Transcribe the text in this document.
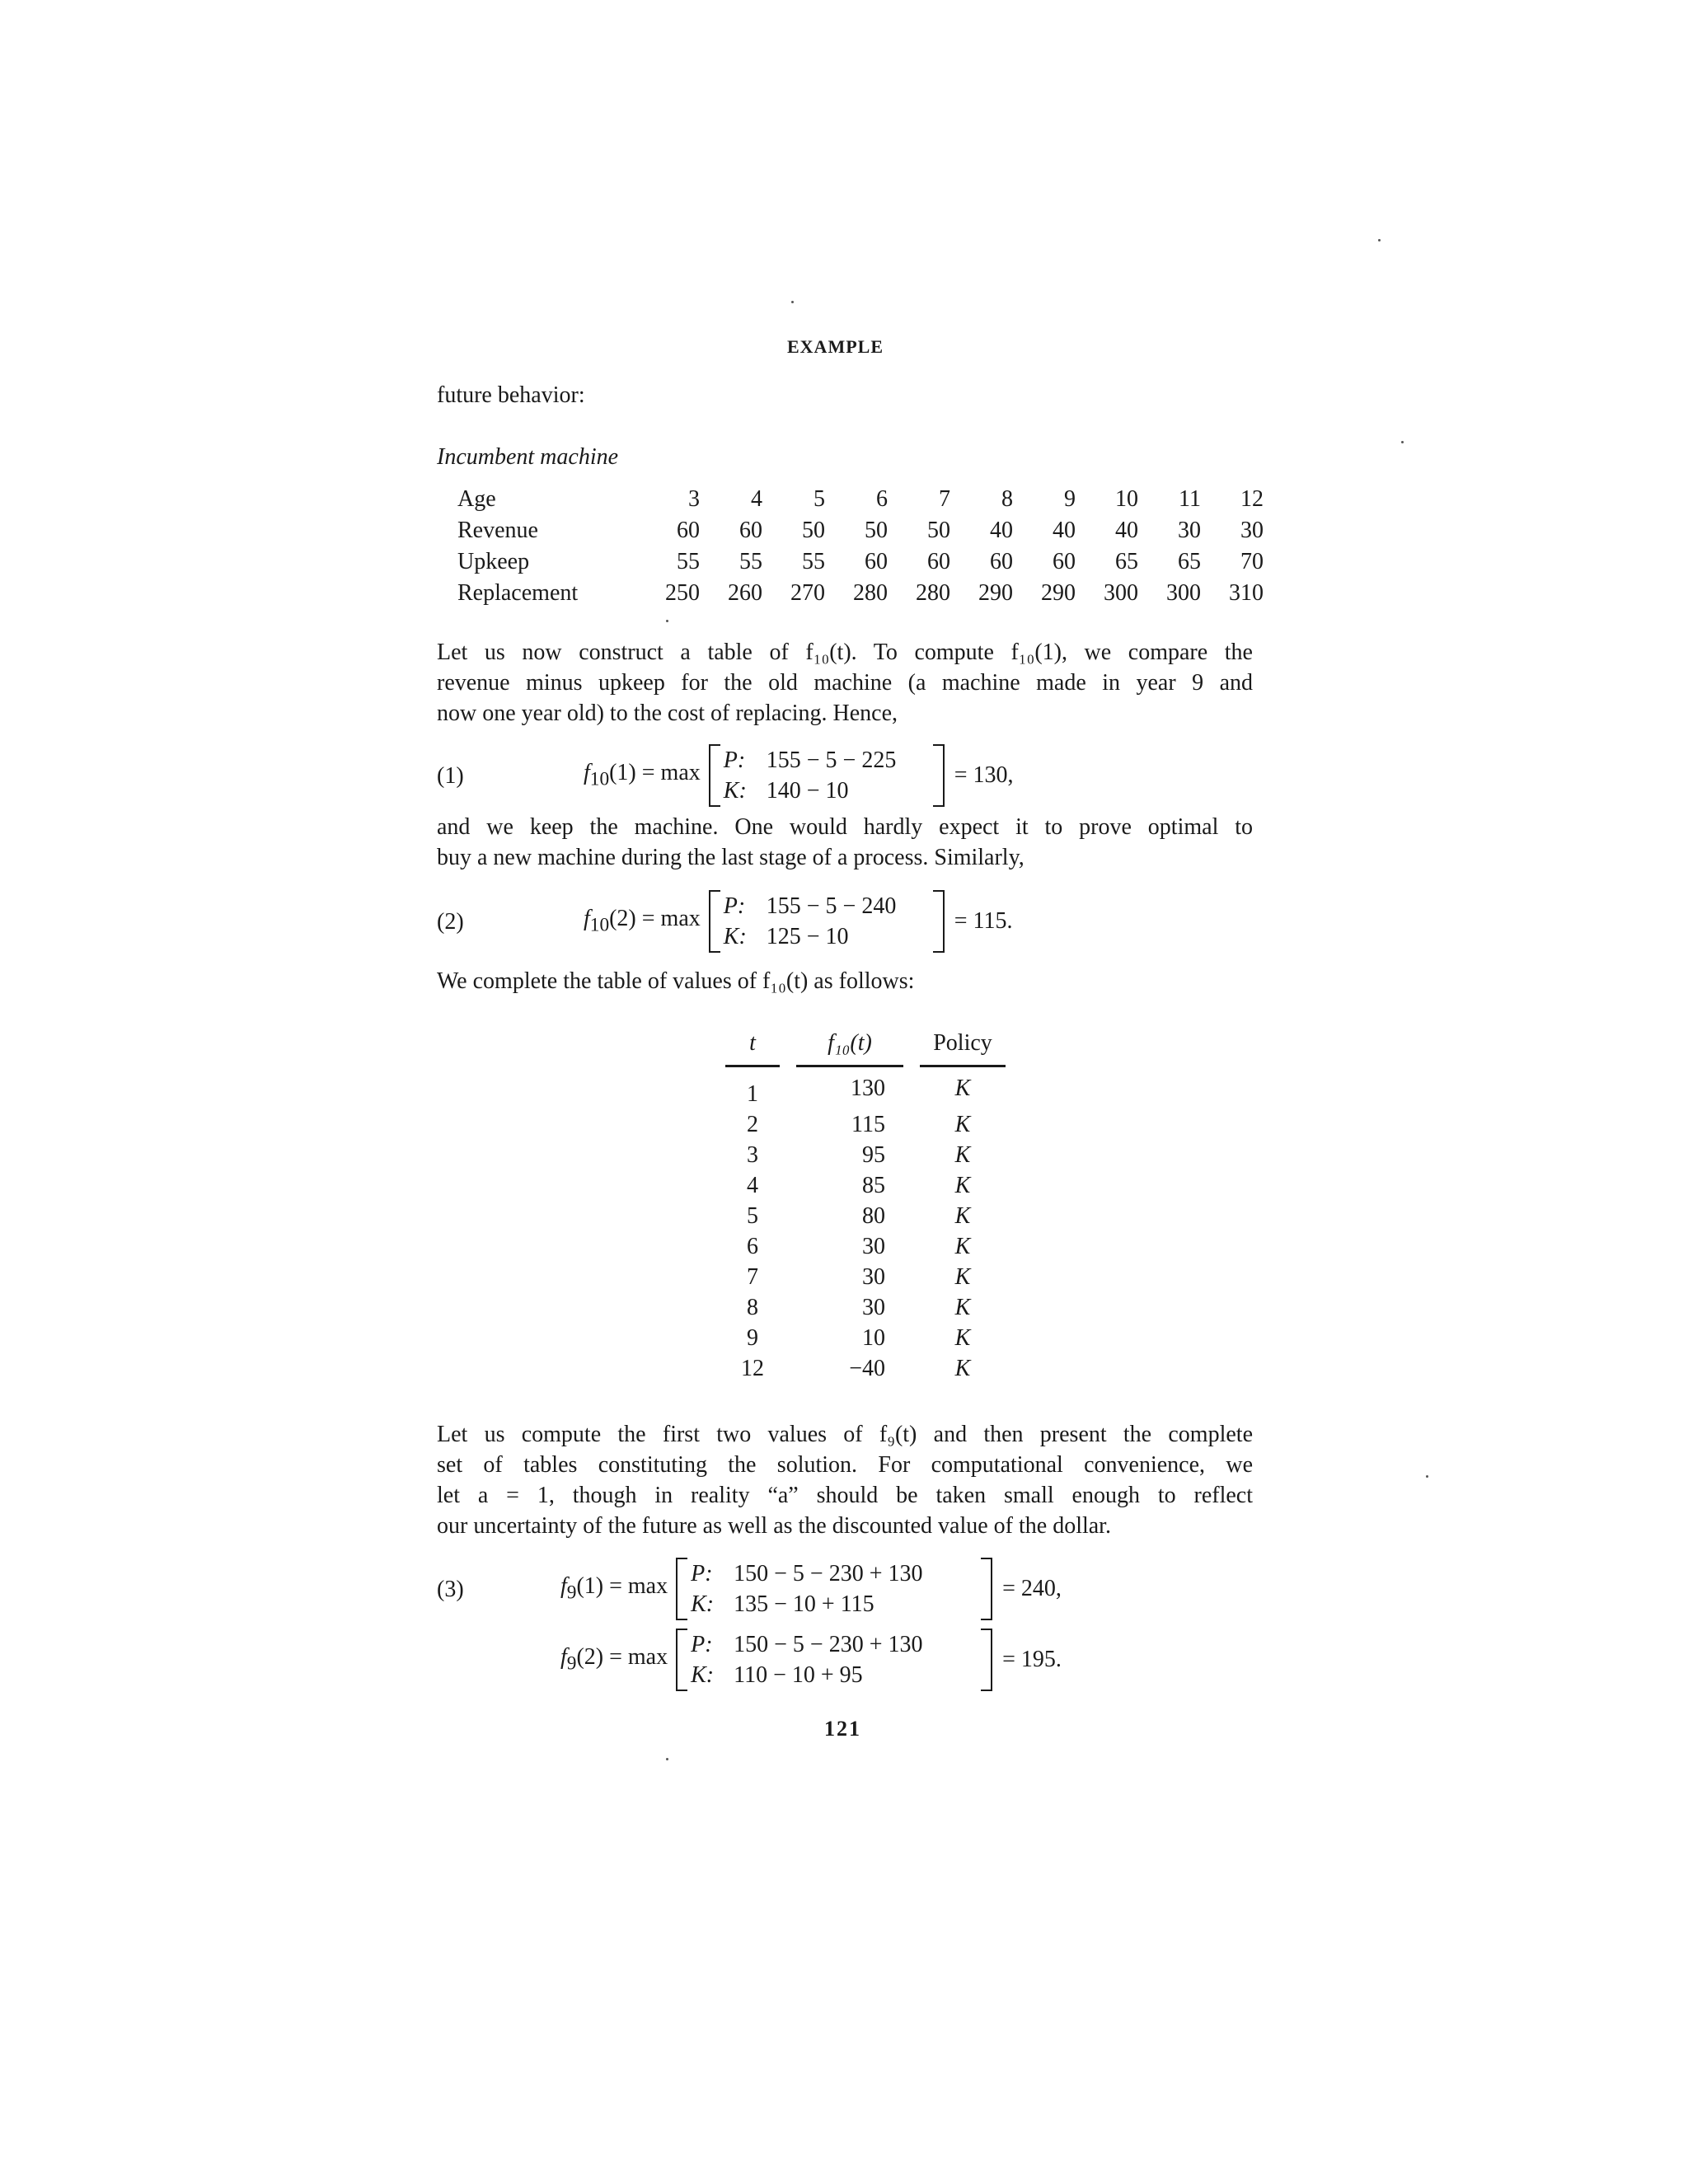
EXAMPLE
future behavior:
Incumbent machine
Age	3	4	5	6	7	8	9	10	11	12
Revenue	60	60	50	50	50	40	40	40	30	30
Upkeep	55	55	55	60	60	60	60	65	65	70
Replacement	250	260	270	280	280	290	290	300	300	310

Let us now construct a table of f₁₀(t). To compute f₁₀(1), we compare the

revenue minus upkeep for the old machine (a machine made in year 9 and

now one year old) to the cost of replacing. Hence,

(1)	$f_{10}(1) = \max P$: 155 − 5 − 225
K: 140 − 10
= 130,

and we keep the machine. One would hardly expect it to prove optimal to

buy a new machine during the last stage of a process. Similarly,

(2)	$f_{10}(2) = \max P$: 155 − 5 − 240
K: 125 − 10
= 115.
We complete the table of values of f₁₀(t) as follows:
t		f₁₀(t)		Policy
1		130		K
2		115		K
3		95		K
4		85		K
5		80		K
6		30		K
7		30		K
8		30		K
9		10		K
12		−40		K

Let us compute the first two values of f₉(t) and then present the complete

set of tables constituting the solution. For computational convenience, we

let a = 1, though in reality “a” should be taken small enough to reflect

our uncertainty of the future as well as the discounted value of the dollar.

(3)	$f_9(1) = \max P$: 150 − 5 − 230 + 130
K: 135 − 10 + 115
= 240,
$f_9(2) = \max P$: 150 − 5 − 230 + 130
K: 110 − 10 + 95
= 195.
121
